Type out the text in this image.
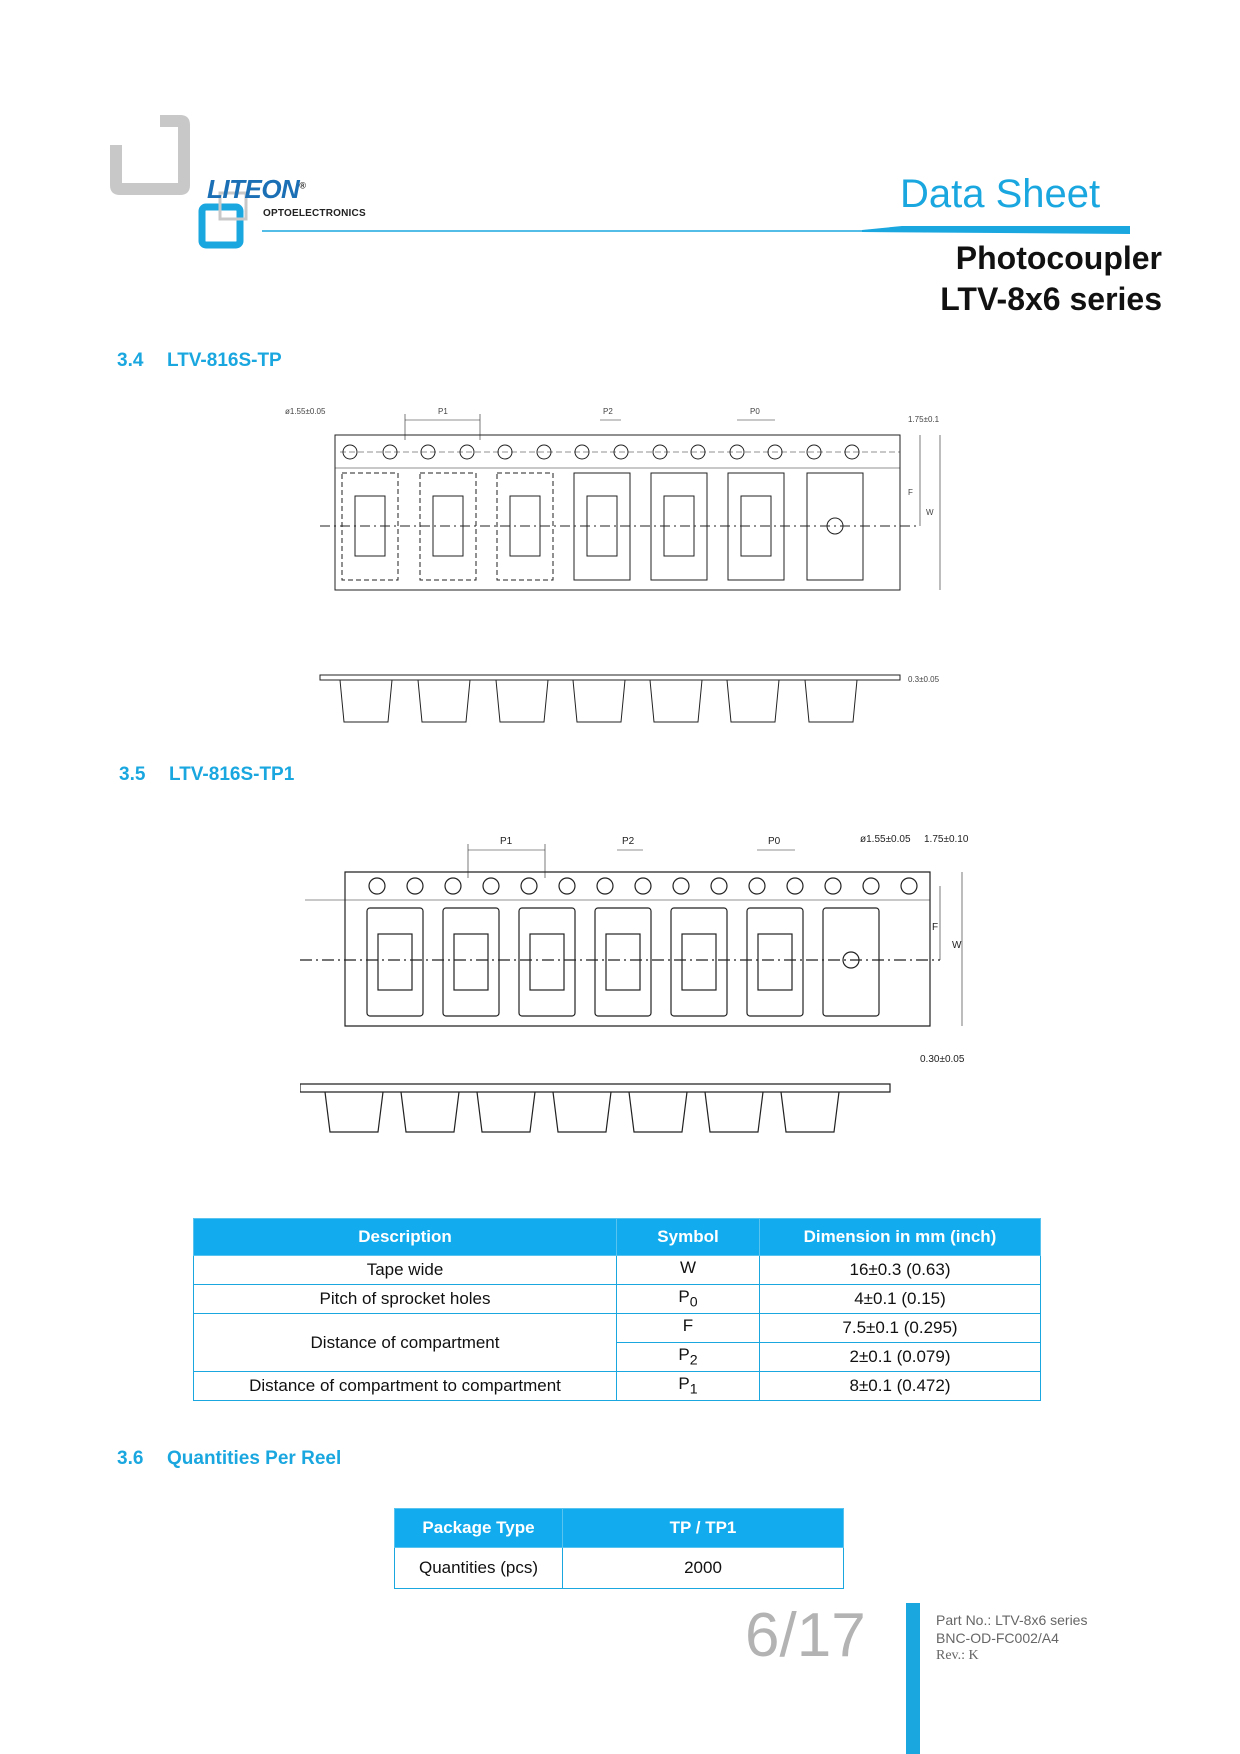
LITEON®
OPTOELECTRONICS	Data Sheet
Photocoupler
LTV-8x6 series
3.4 LTV-816S-TP
ø1.55±0.05	P1	P2	P0
1.75±0.1
F
W
0.3±0.05
3.5 LTV-816S-TP1
ø1.55±0.05
P1	P2	P0	1.75±0.10
F
W
0.30±0.05
Description	Symbol	Dimension in mm (inch)
Tape wide	W	16±0.3 (0.63)
Pitch of sprocket holes	$P_0$	4±0.1 (0.15)
Distance of compartment	F	7.5±0.1 (0.295)
	$P_2$	2±0.1 (0.079)
Distance of compartment to compartment	$P_1$	8±0.1 (0.472)
3.6 Quantities Per Reel
Package Type	TP / TP1
Quantities (pcs)	2000
6/17	Part No.: LTV-8x6 series
BNC-OD-FC002/A4
Rev.: K
